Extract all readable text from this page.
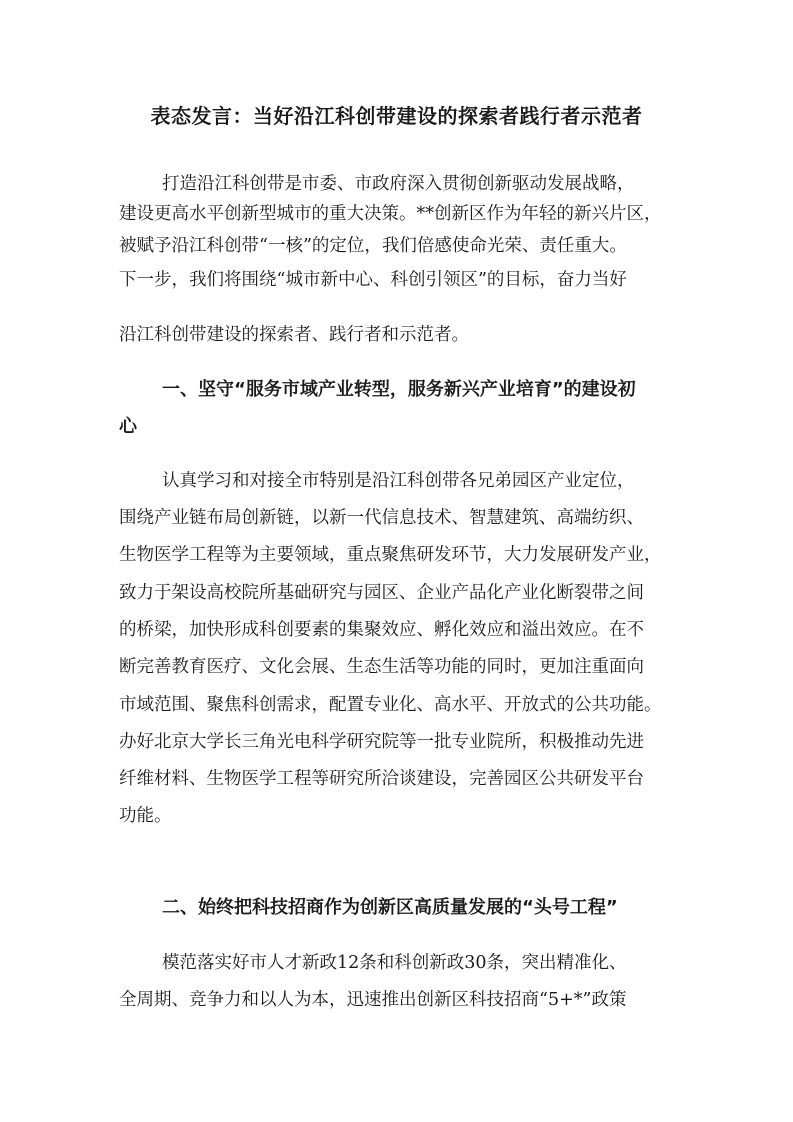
表态发言：当好沿江科创带建设的探索者践行者示范者
打造沿江科创带是市委、市政府深入贯彻创新驱动发展战略，
建设更高水平创新型城市的重大决策。**创新区作为年轻的新兴片区，
被赋予沿江科创带“一核”的定位，我们倍感使命光荣、责任重大。
下一步，我们将围绕“城市新中心、科创引领区”的目标，奋力当好
沿江科创带建设的探索者、践行者和示范者。
一、坚守“服务市域产业转型，服务新兴产业培育”的建设初
心
认真学习和对接全市特别是沿江科创带各兄弟园区产业定位，
围绕产业链布局创新链，以新一代信息技术、智慧建筑、高端纺织、
生物医学工程等为主要领域，重点聚焦研发环节，大力发展研发产业，
致力于架设高校院所基础研究与园区、企业产品化产业化断裂带之间
的桥梁，加快形成科创要素的集聚效应、孵化效应和溢出效应。在不
断完善教育医疗、文化会展、生态生活等功能的同时，更加注重面向
市域范围、聚焦科创需求，配置专业化、高水平、开放式的公共功能。
办好北京大学长三角光电科学研究院等一批专业院所，积极推动先进
纤维材料、生物医学工程等研究所洽谈建设，完善园区公共研发平台
功能。
二、始终把科技招商作为创新区高质量发展的“头号工程”
模范落实好市人才新政12条和科创新政30条，突出精准化、
全周期、竞争力和以人为本，迅速推出创新区科技招商“5+*”政策
